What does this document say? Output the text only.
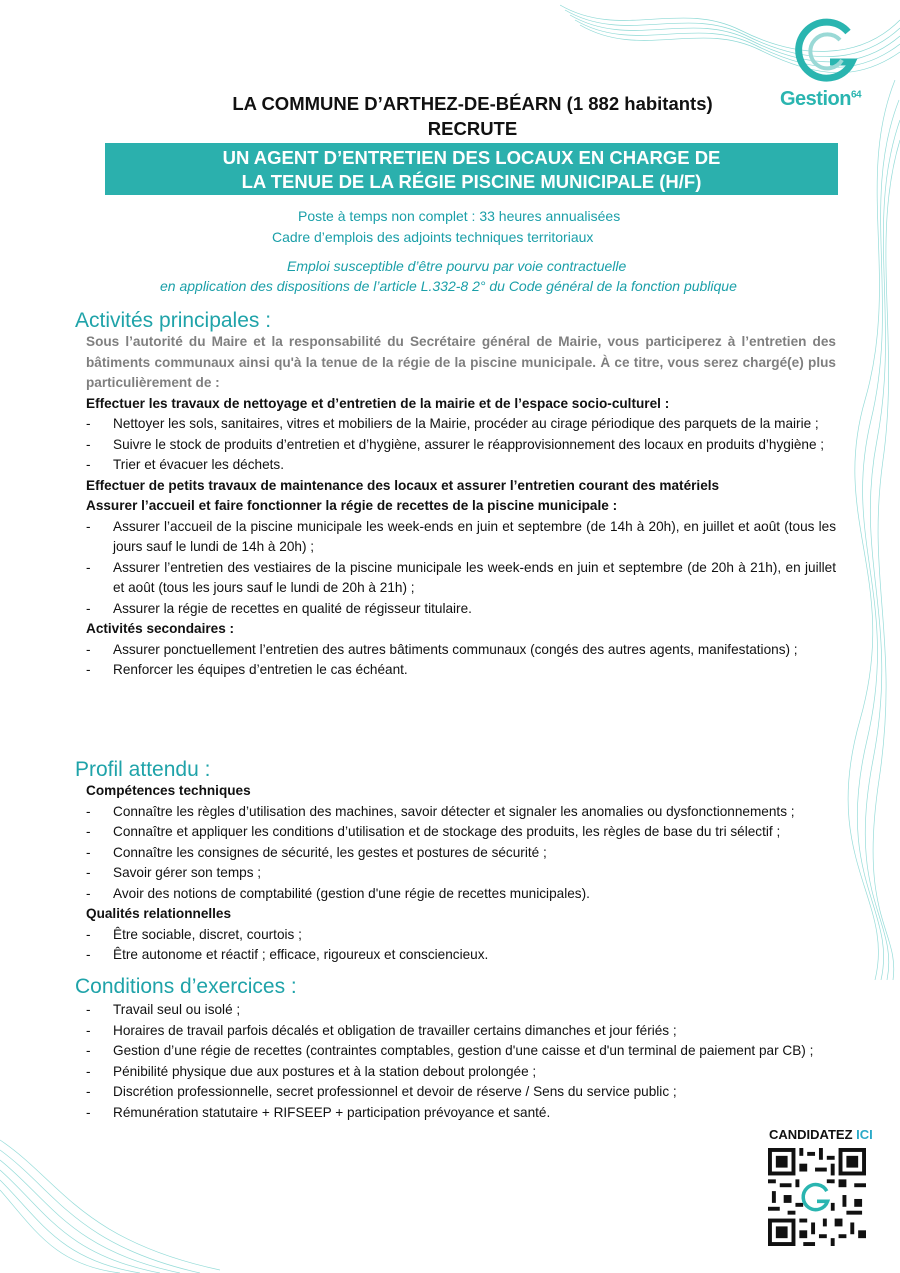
Gestion$^{64}$
LA COMMUNE D’ARTHEZ-DE-BÉARN (1 882 habitants)
RECRUTE
UN AGENT D’ENTRETIEN DES LOCAUX EN CHARGE DE
LA TENUE DE LA RÉGIE PISCINE MUNICIPALE (H/F)
Poste à temps non complet : 33 heures annualisées
Cadre d’emplois des adjoints techniques territoriaux
Emploi susceptible d’être pourvu par voie contractuelle
en application des dispositions de l’article L.332-8 2° du Code général de la fonction publique
Activités principales :
Sous l’autorité du Maire et la responsabilité du Secrétaire général de Mairie, vous participerez à l’entretien des bâtiments communaux ainsi qu'à la tenue de la régie de la piscine municipale. À ce titre, vous serez chargé(e) plus particulièrement de :
Effectuer les travaux de nettoyage et d’entretien de la mairie et de l’espace socio-culturel :
- Nettoyer les sols, sanitaires, vitres et mobiliers de la Mairie, procéder au cirage périodique des parquets de la mairie ;
- Suivre le stock de produits d’entretien et d’hygiène, assurer le réapprovisionnement des locaux en produits d’hygiène ;
- Trier et évacuer les déchets.
Effectuer de petits travaux de maintenance des locaux et assurer l’entretien courant des matériels
Assurer l’accueil et faire fonctionner la régie de recettes de la piscine municipale :
- Assurer l’accueil de la piscine municipale les week-ends en juin et septembre (de 14h à 20h), en juillet et août (tous les jours sauf le lundi de 14h à 20h) ;
- Assurer l’entretien des vestiaires de la piscine municipale les week-ends en juin et septembre (de 20h à 21h), en juillet et août (tous les jours sauf le lundi de 20h à 21h) ;
- Assurer la régie de recettes en qualité de régisseur titulaire.
Activités secondaires :
- Assurer ponctuellement l’entretien des autres bâtiments communaux (congés des autres agents, manifestations) ;
- Renforcer les équipes d’entretien le cas échéant.
Profil attendu :
Compétences techniques
- Connaître les règles d’utilisation des machines, savoir détecter et signaler les anomalies ou dysfonctionnements ;
- Connaître et appliquer les conditions d’utilisation et de stockage des produits, les règles de base du tri sélectif ;
- Connaître les consignes de sécurité, les gestes et postures de sécurité ;
- Savoir gérer son temps ;
- Avoir des notions de comptabilité (gestion d'une régie de recettes municipales).
Qualités relationnelles
- Être sociable, discret, courtois ;
- Être autonome et réactif ; efficace, rigoureux et consciencieux.
Conditions d’exercices :
- Travail seul ou isolé ;
- Horaires de travail parfois décalés et obligation de travailler certains dimanches et jour fériés ;
- Gestion d’une régie de recettes (contraintes comptables, gestion d'une caisse et d'un terminal de paiement par CB) ;
- Pénibilité physique due aux postures et à la station debout prolongée ;
- Discrétion professionnelle, secret professionnel et devoir de réserve / Sens du service public ;
- Rémunération statutaire + RIFSEEP + participation prévoyance et santé.
CANDIDATEZ ICI
